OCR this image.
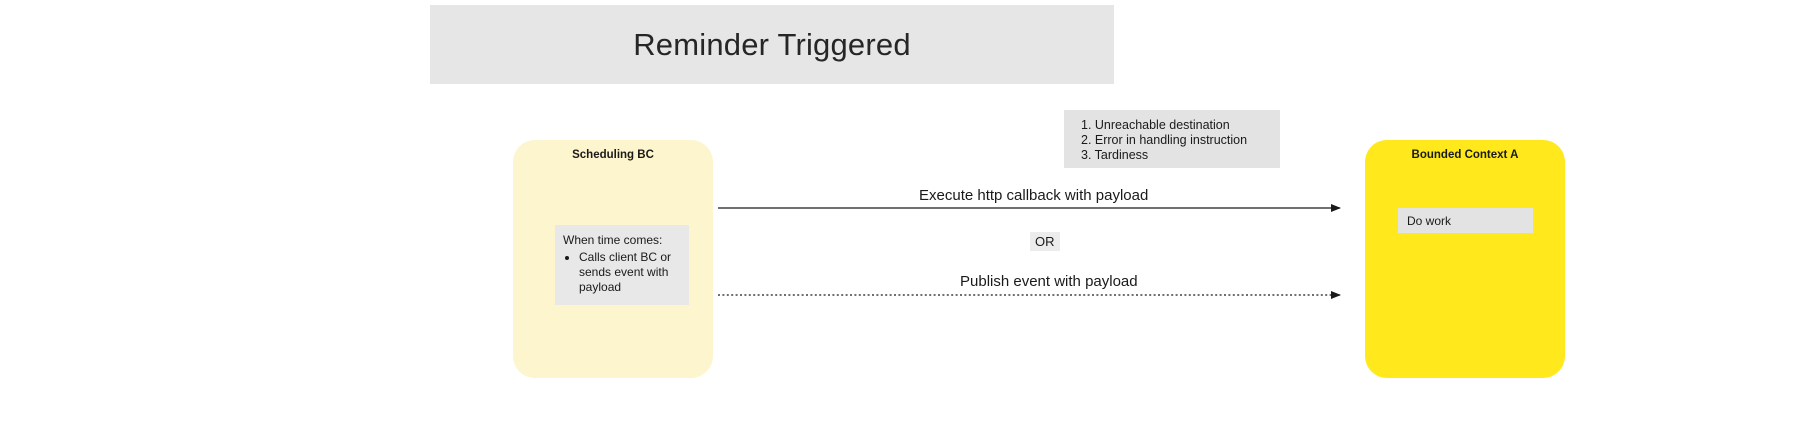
Reminder Triggered
Execute http callback with payload
OR
Publish event with payload
1. Unreachable destination
2. Error in handling instruction
3. Tardiness
Scheduling BC
When time comes:
• Calls client BC or sends event with payload
Bounded Context A
Do work
